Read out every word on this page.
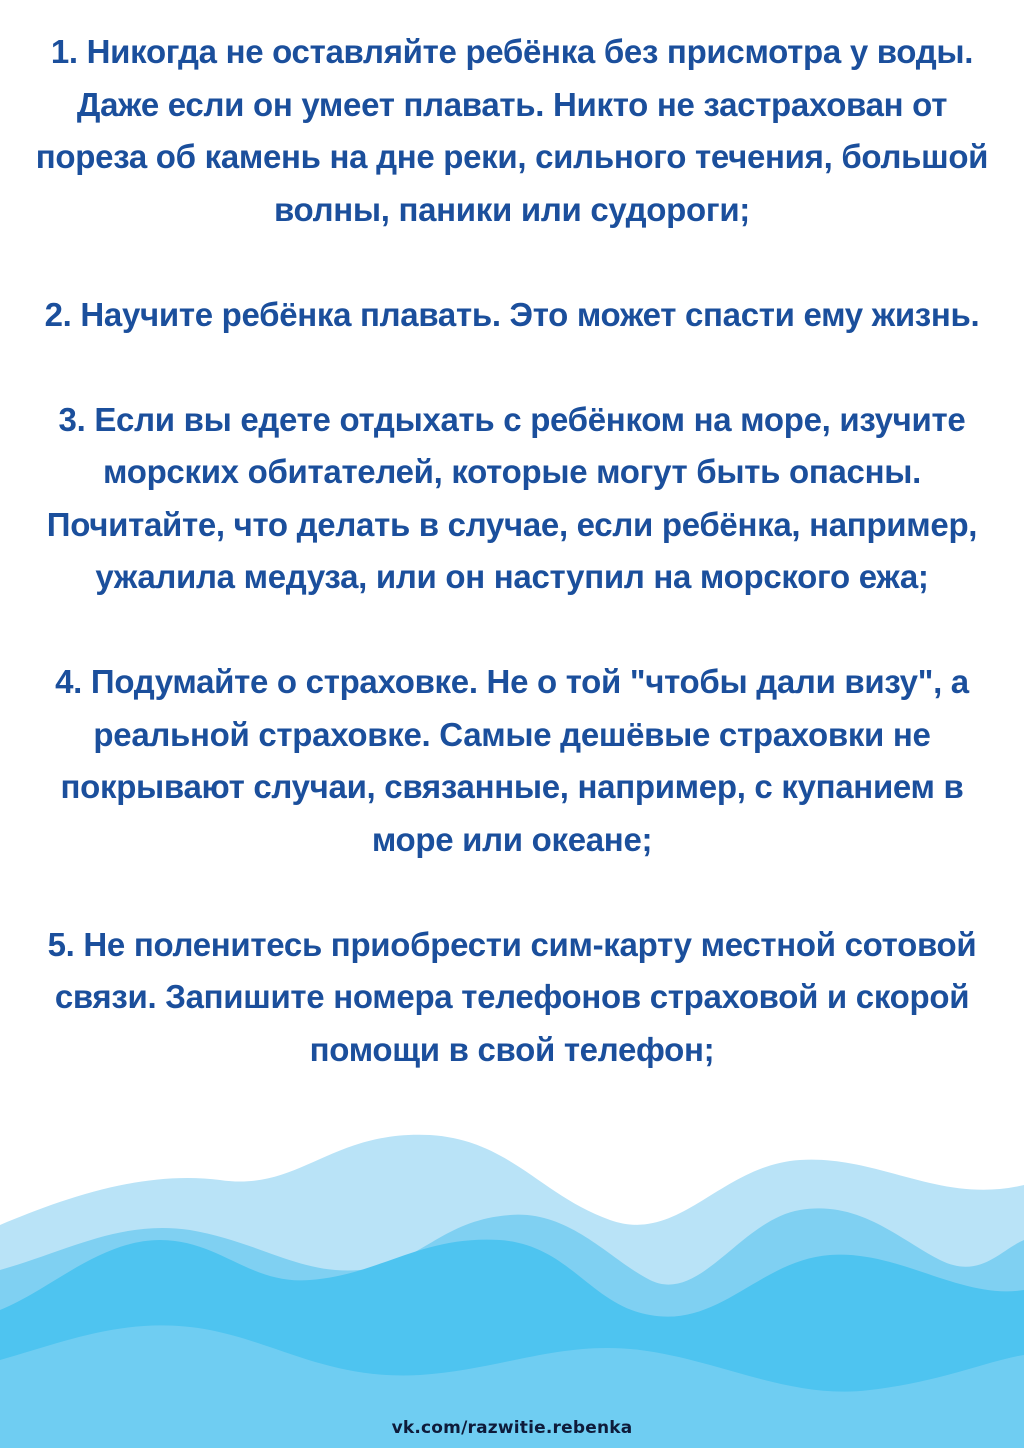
1. Никогда не оставляйте ребёнка без присмотра у воды. Даже если он умеет плавать. Никто не застрахован от пореза об камень на дне реки, сильного течения, большой волны, паники или судороги;

2. Научите ребёнка плавать. Это может спасти ему жизнь.

3. Если вы едете отдыхать с ребёнком на море, изучите морских обитателей, которые могут быть опасны. Почитайте, что делать в случае, если ребёнка, например, ужалила медуза, или он наступил на морского ежа;

4. Подумайте о страховке. Не о той "чтобы дали визу", а реальной страховке. Самые дешёвые страховки не покрывают случаи, связанные, например, с купанием в море или океане;

5. Не поленитесь приобрести сим-карту местной сотовой связи. Запишите номера телефонов страховой и скорой помощи в свой телефон;

vk.com/razwitie.rebenka
